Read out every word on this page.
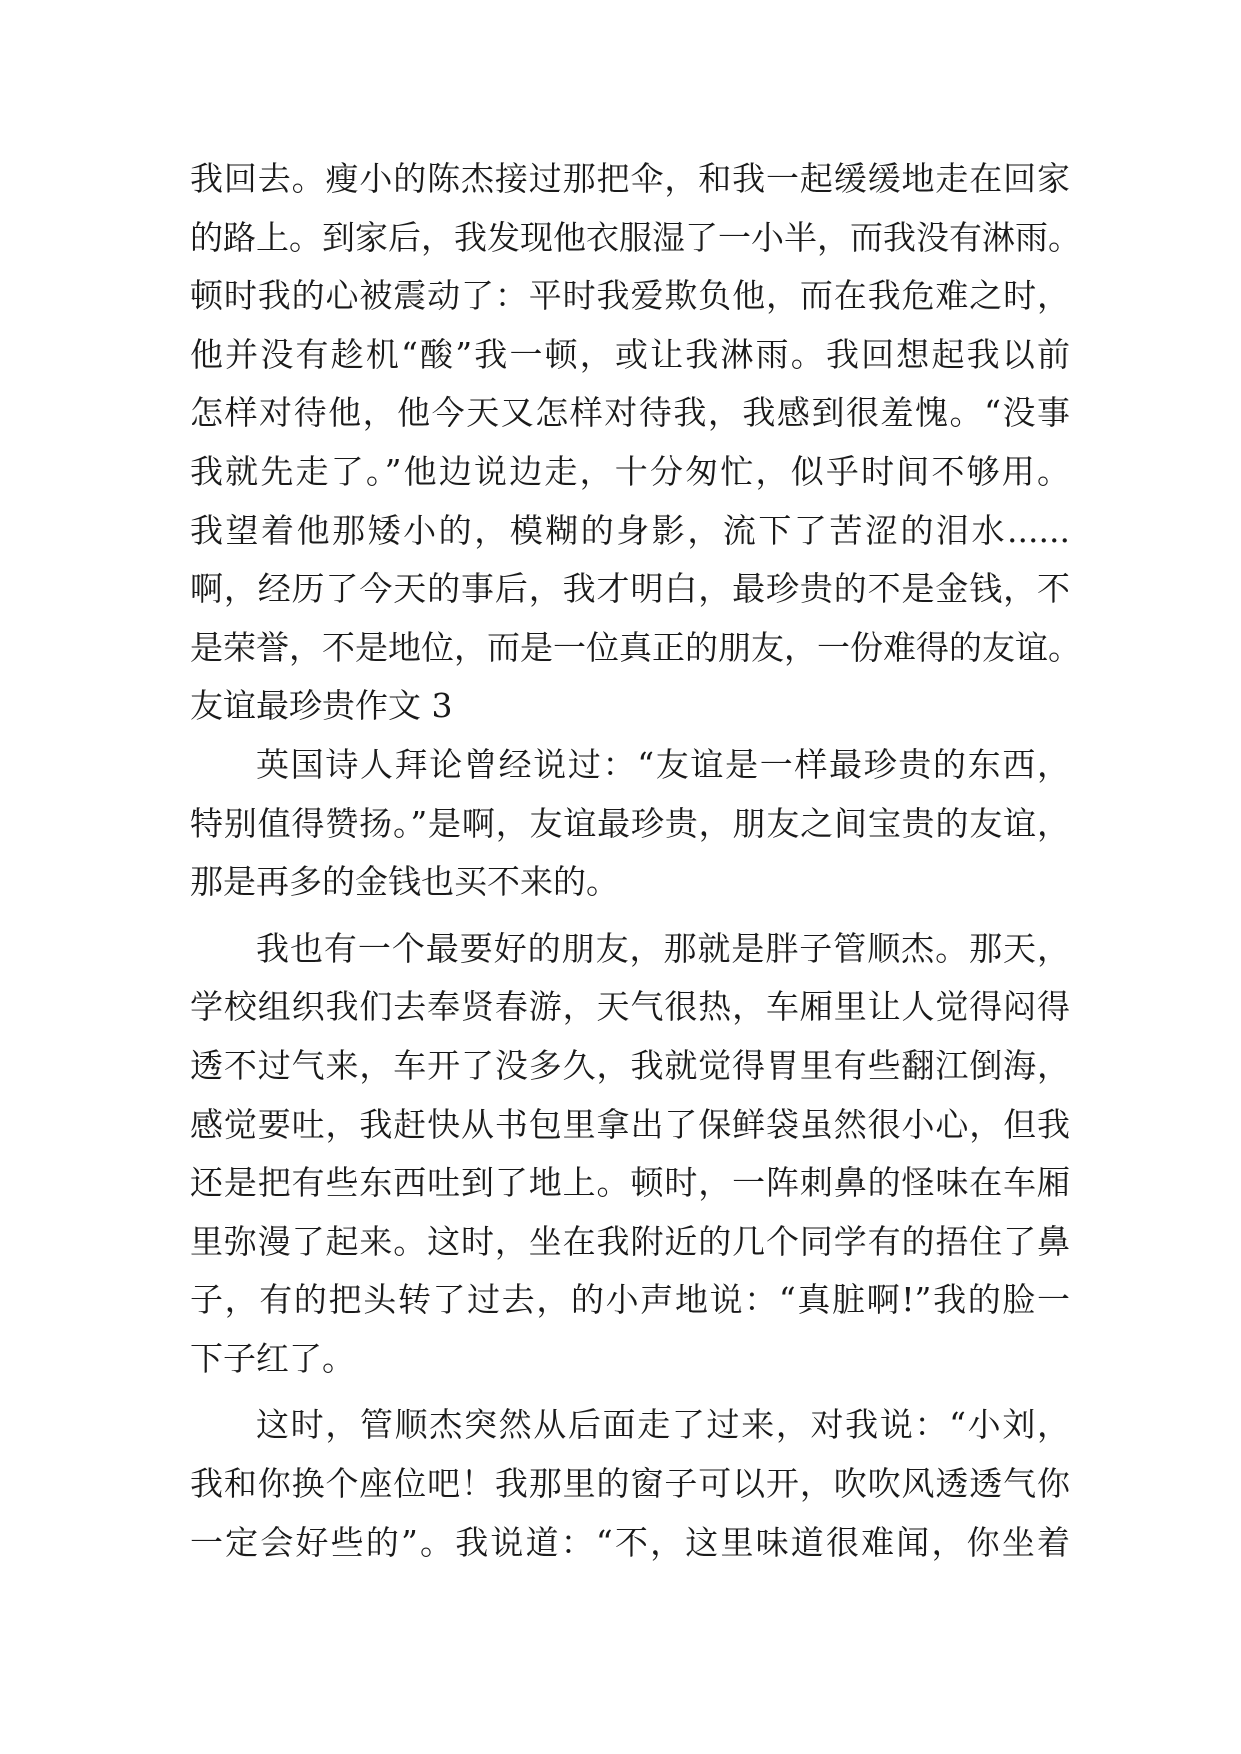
我回去。瘦小的陈杰接过那把伞，和我一起缓缓地走在回家
的路上。到家后，我发现他衣服湿了一小半，而我没有淋雨。
顿时我的心被震动了：平时我爱欺负他，而在我危难之时，
他并没有趁机“酸”我一顿，或让我淋雨。我回想起我以前
怎样对待他，他今天又怎样对待我，我感到很羞愧。“没事
我就先走了。”他边说边走，十分匆忙，似乎时间不够用。
我望着他那矮小的，模糊的身影，流下了苦涩的泪水......
啊，经历了今天的事后，我才明白，最珍贵的不是金钱，不
是荣誉，不是地位，而是一位真正的朋友，一份难得的友谊。
友谊最珍贵作文 3
英国诗人拜论曾经说过：“友谊是一样最珍贵的东西，
特别值得赞扬。”是啊，友谊最珍贵，朋友之间宝贵的友谊，
那是再多的金钱也买不来的。
我也有一个最要好的朋友，那就是胖子管顺杰。那天，
学校组织我们去奉贤春游，天气很热，车厢里让人觉得闷得
透不过气来，车开了没多久，我就觉得胃里有些翻江倒海，
感觉要吐，我赶快从书包里拿出了保鲜袋虽然很小心，但我
还是把有些东西吐到了地上。顿时，一阵刺鼻的怪味在车厢
里弥漫了起来。这时，坐在我附近的几个同学有的捂住了鼻
子，有的把头转了过去，的小声地说：“真脏啊!”我的脸一
下子红了。
这时，管顺杰突然从后面走了过来，对我说：“小刘，
我和你换个座位吧！我那里的窗子可以开，吹吹风透透气你
一定会好些的”。我说道：“不，这里味道很难闻，你坐着
